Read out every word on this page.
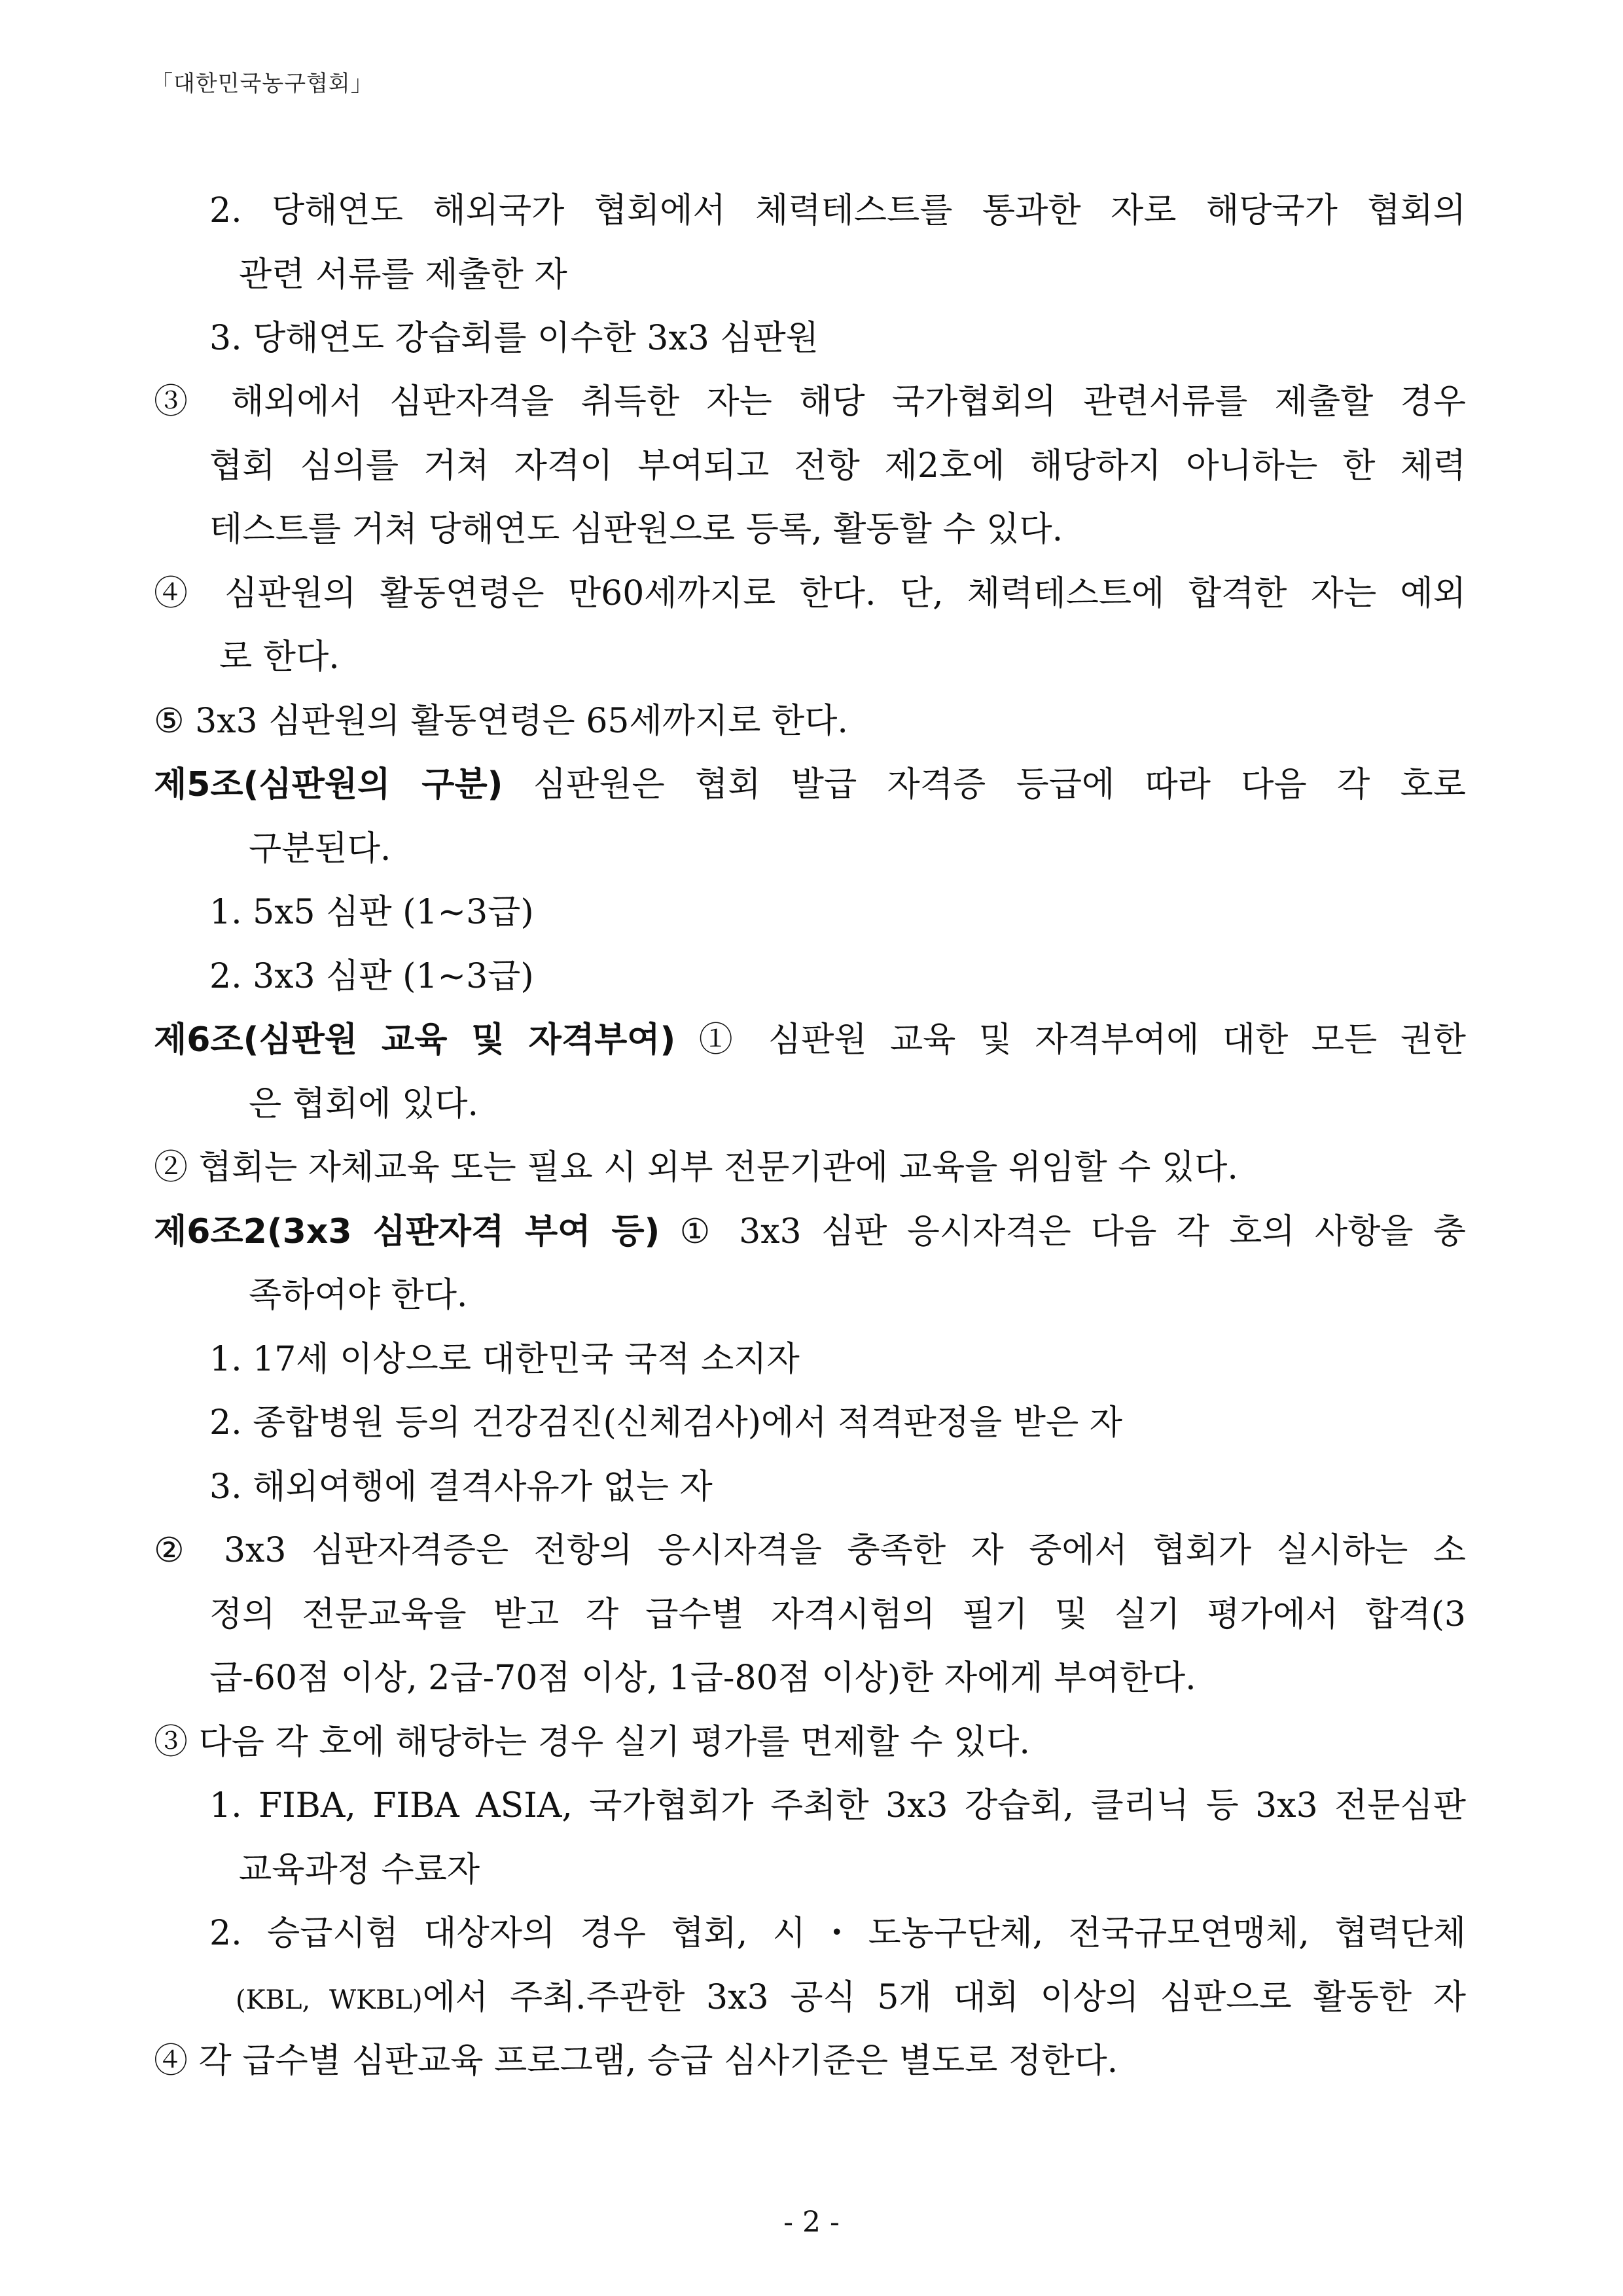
「대한민국농구협회」
2. 당해연도 해외국가 협회에서 체력테스트를 통과한 자로 해당국가 협회의
관련 서류를 제출한 자
3. 당해연도 강습회를 이수한 3x3 심판원
③ 해외에서 심판자격을 취득한 자는 해당 국가협회의 관련서류를 제출할 경우
협회 심의를 거쳐 자격이 부여되고 전항 제2호에 해당하지 아니하는 한 체력
테스트를 거쳐 당해연도 심판원으로 등록, 활동할 수 있다.
④ 심판원의 활동연령은 만60세까지로 한다. 단, 체력테스트에 합격한 자는 예외
로 한다.
⑤ 3x3 심판원의 활동연령은 65세까지로 한다.
제5조(심판원의 구분) 심판원은 협회 발급 자격증 등급에 따라 다음 각 호로
구분된다.
1. 5x5 심판 (1~3급)
2. 3x3 심판 (1~3급)
제6조(심판원 교육 및 자격부여) ① 심판원 교육 및 자격부여에 대한 모든 권한
은 협회에 있다.
② 협회는 자체교육 또는 필요 시 외부 전문기관에 교육을 위임할 수 있다.
제6조2(3x3 심판자격 부여 등) ① 3x3 심판 응시자격은 다음 각 호의 사항을 충
족하여야 한다.
1. 17세 이상으로 대한민국 국적 소지자
2. 종합병원 등의 건강검진(신체검사)에서 적격판정을 받은 자
3. 해외여행에 결격사유가 없는 자
② 3x3 심판자격증은 전항의 응시자격을 충족한 자 중에서 협회가 실시하는 소
정의 전문교육을 받고 각 급수별 자격시험의 필기 및 실기 평가에서 합격(3
급-60점 이상, 2급-70점 이상, 1급-80점 이상)한 자에게 부여한다.
③ 다음 각 호에 해당하는 경우 실기 평가를 면제할 수 있다.
1. FIBA, FIBA ASIA, 국가협회가 주최한 3x3 강습회, 클리닉 등 3x3 전문심판
교육과정 수료자
2. 승급시험 대상자의 경우 협회, 시・도농구단체, 전국규모연맹체, 협력단체
(KBL, WKBL)에서 주최.주관한 3x3 공식 5개 대회 이상의 심판으로 활동한 자
④ 각 급수별 심판교육 프로그램, 승급 심사기준은 별도로 정한다.
- 2 -
